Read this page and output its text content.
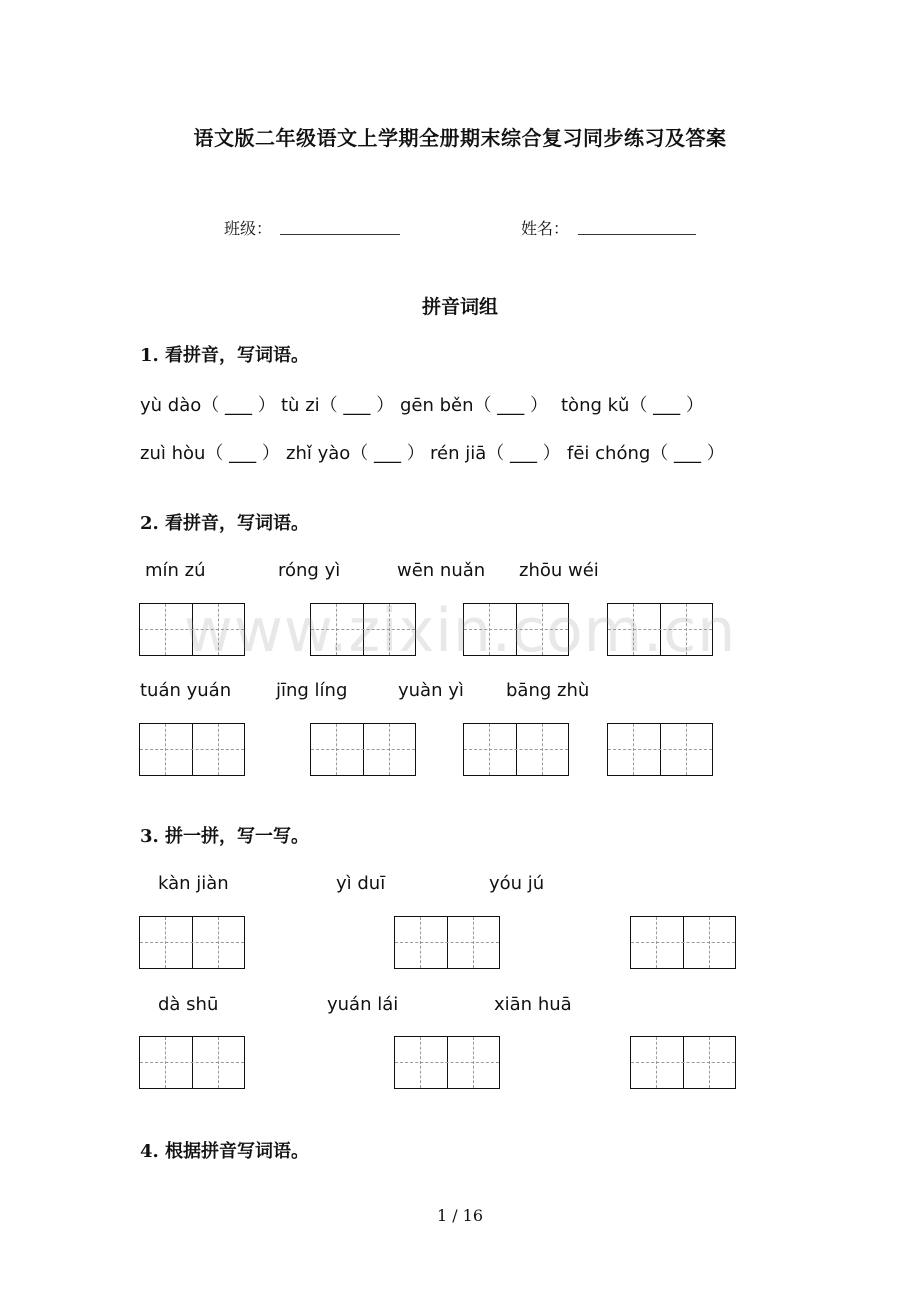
语文版二年级语文上学期全册期末综合复习同步练习及答案
班级：	姓名：
拼音词组
1. 看拼音，写词语。
yù dào（ ___ ） tù zi（ ___ ） gēn běn（ ___ ） tòng kǔ（ ___ ）
zuì hòu（ ___ ） zhǐ yào（ ___ ） rén jiā（ ___ ） fēi chóng（ ___ ）
2. 看拼音，写词语。
mín zú	róng yì	wēn nuǎn zhōu wéi
tuán yuán jīng líng	yuàn yì bāng zhù
3. 拼一拼，写一写。
kàn jiàn	yì duī	yóu jú
dà shū	yuán lái	xiān huā
4. 根据拼音写词语。
www.zixin.com.cn
1 / 16
